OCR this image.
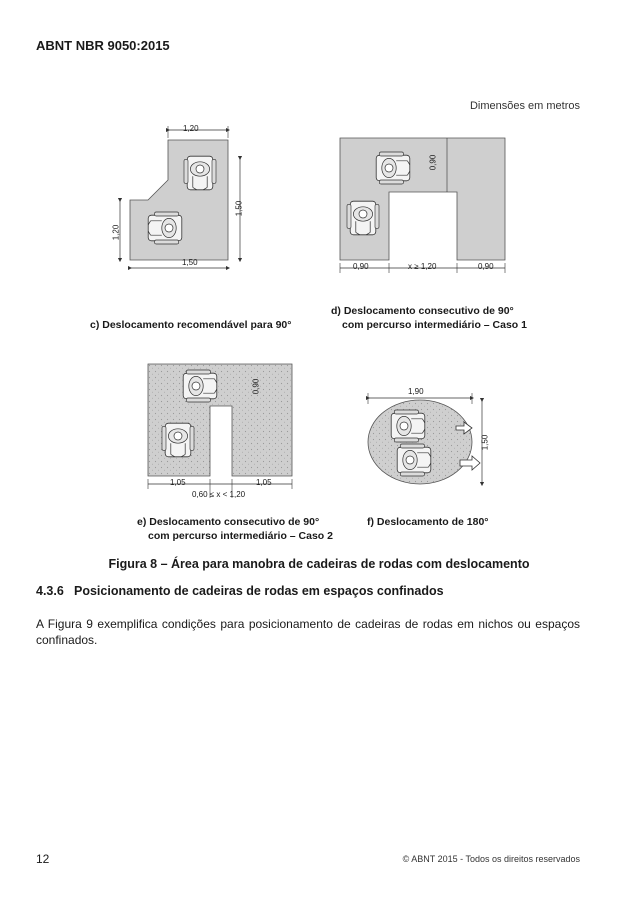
ABNT NBR 9050:2015
Dimensões em metros
1,20
1,50
1,20
1,50
c) Deslocamento recomendável para 90°
0,90
0,90	x ≥ 1,20	0,90
d) Deslocamento consecutivo de 90°
com percurso intermediário – Caso 1
0,90
1,05	1,05
0,60 ≤ x < 1,20
e) Deslocamento consecutivo de 90°
com percurso intermediário – Caso 2
1,90
1,50
f) Deslocamento de 180°
Figura 8 – Área para manobra de cadeiras de rodas com deslocamento
4.3.6 Posicionamento de cadeiras de rodas em espaços confinados
A Figura 9 exemplifica condições para posicionamento de cadeiras de rodas em nichos ou espaços confinados.
12	© ABNT 2015 - Todos os direitos reservados
